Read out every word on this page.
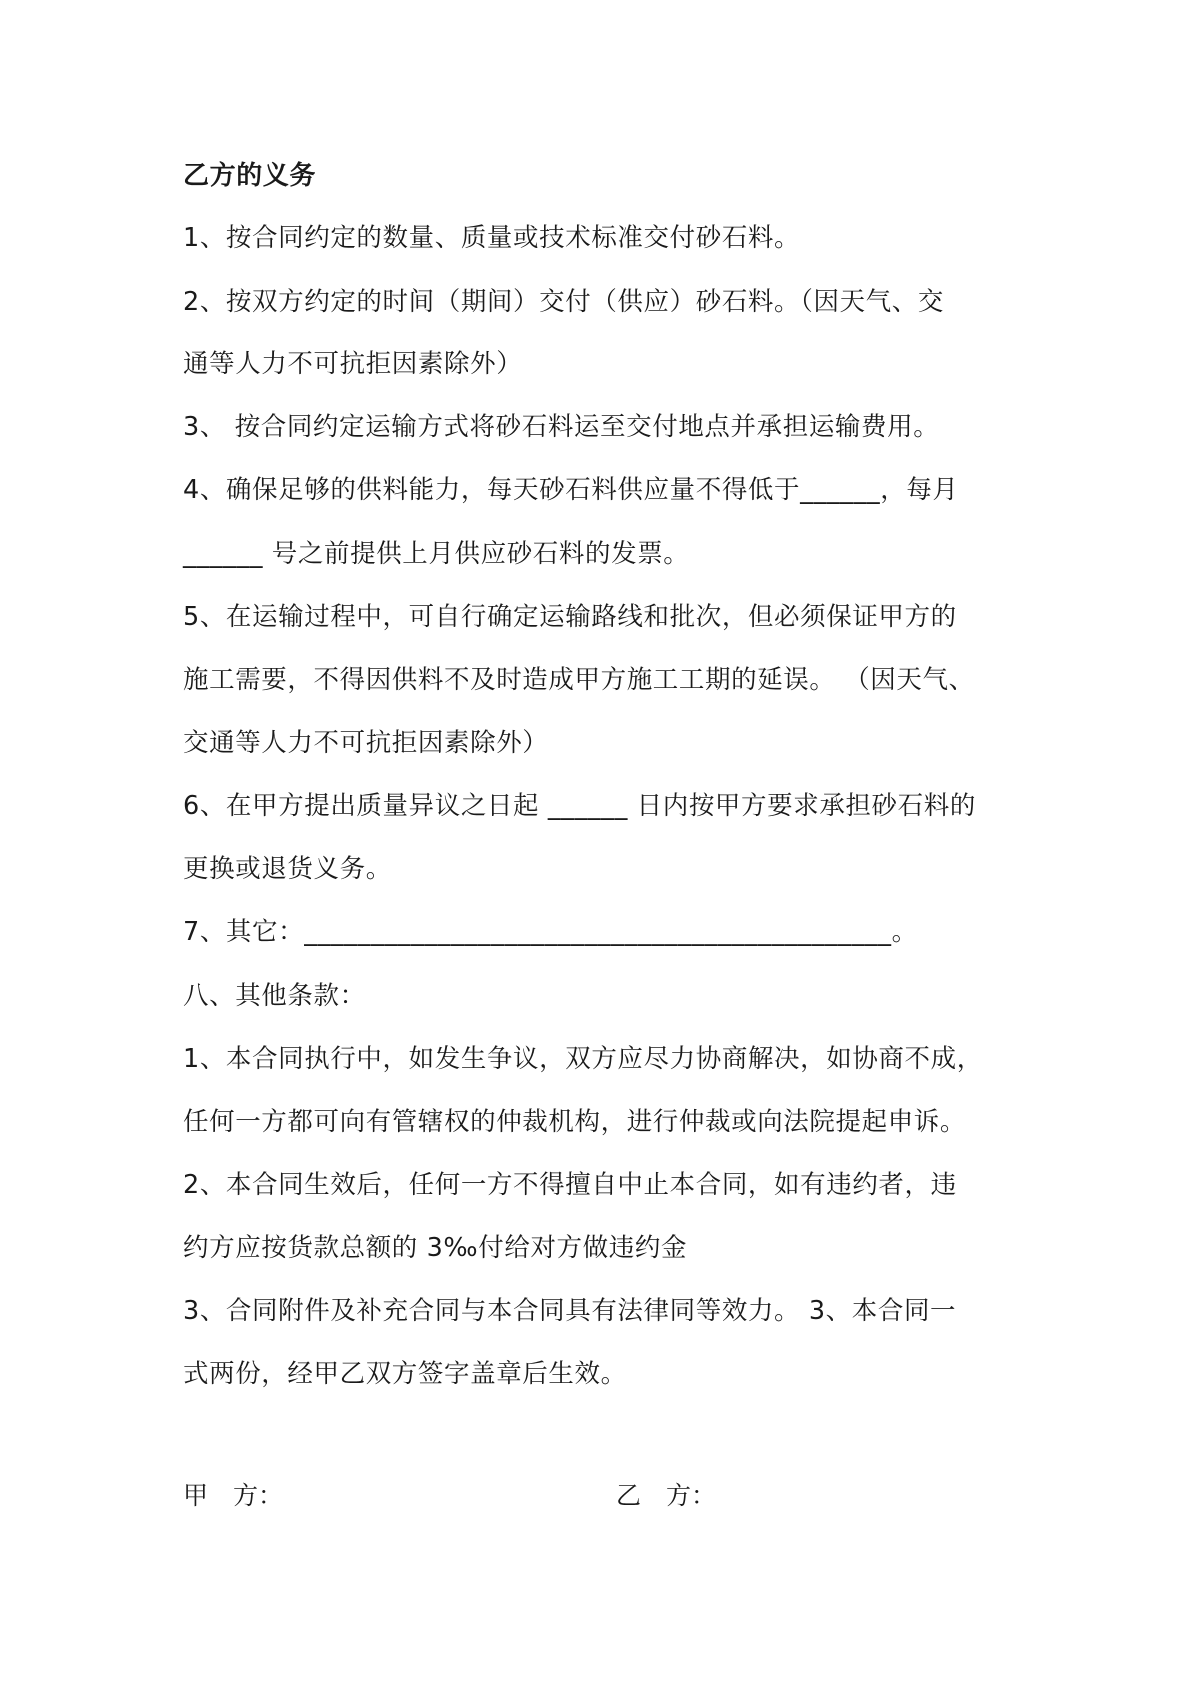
乙方的义务
1、按合同约定的数量、质量或技术标准交付砂石料。
2、按双方约定的时间（期间）交付（供应）砂石料。（因天气、交
通等人力不可抗拒因素除外）
3、 按合同约定运输方式将砂石料运至交付地点并承担运输费用。
4、确保足够的供料能力，每天砂石料供应量不得低于______，每月
______ 号之前提供上月供应砂石料的发票。
5、在运输过程中，可自行确定运输路线和批次，但必须保证甲方的
施工需要，不得因供料不及时造成甲方施工工期的延误。 （因天气、
交通等人力不可抗拒因素除外）
6、在甲方提出质量异议之日起 ______ 日内按甲方要求承担砂石料的
更换或退货义务。
7、其它：____________________________________________。
八、其他条款：
1、本合同执行中，如发生争议，双方应尽力协商解决，如协商不成，
任何一方都可向有管辖权的仲裁机构，进行仲裁或向法院提起申诉。
2、本合同生效后，任何一方不得擅自中止本合同，如有违约者，违
约方应按货款总额的 3‰付给对方做违约金
3、合同附件及补充合同与本合同具有法律同等效力。 3、本合同一
式两份，经甲乙双方签字盖章后生效。
甲　方：	乙　方：
